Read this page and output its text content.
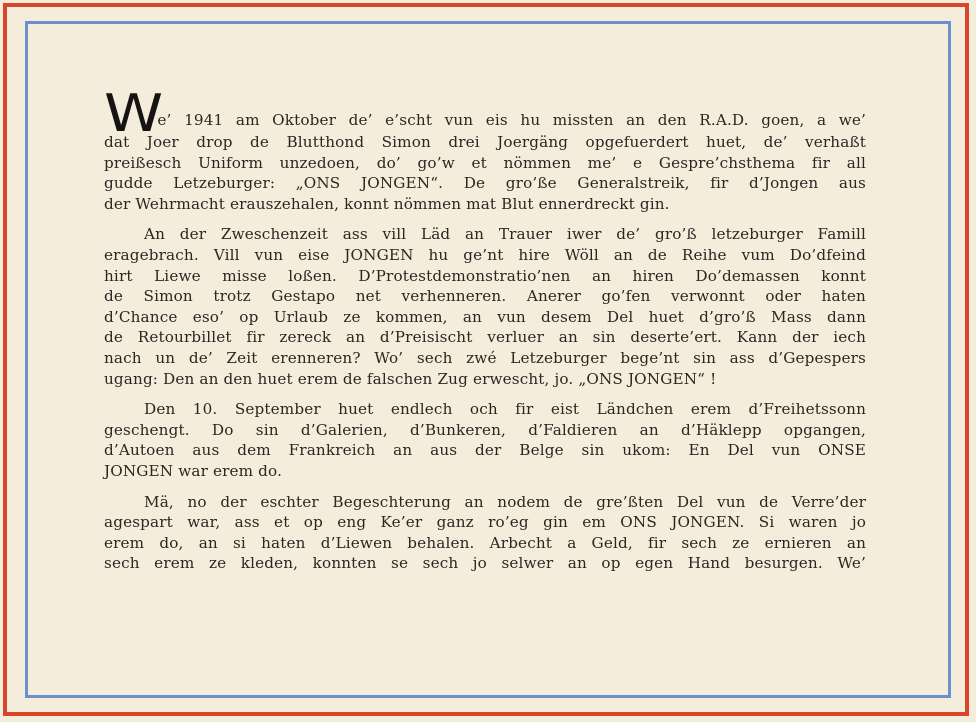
We’ 1941 am Oktober de’ e’scht vun eis hu missten an den R.A.D. goen, a we’
dat Joer drop de Blutthond Simon drei Joergäng opgefuerdert huet, de’ verhaßt
preißesch Uniform unzedoen, do’ go’w et nömmen me’ e Gespre’chsthema fir all
gudde Letzeburger: „ONS JONGEN“. De gro’ße Generalstreik, fir d’Jongen aus
der Wehrmacht erauszehalen, konnt nömmen mat Blut ennerdreckt gin.
An der Zweschenzeit ass vill Läd an Trauer iwer de’ gro’ß letzeburger Famill
eragebrach. Vill vun eise JONGEN hu ge’nt hire Wöll an de Reihe vum Do’dfeind
hirt Liewe misse loßen. D’Protestdemonstratio’nen an hiren Do’demassen konnt
de Simon trotz Gestapo net verhenneren. Anerer go’fen verwonnt oder haten
d’Chance eso’ op Urlaub ze kommen, an vun desem Del huet d’gro’ß Mass dann
de Retourbillet fir zereck an d’Preisischt verluer an sin deserte’ert. Kann der iech
nach un de’ Zeit erenneren? Wo’ sech zwé Letzeburger bege’nt sin ass d’Gepespers
ugang: Den an den huet erem de falschen Zug erwescht, jo. „ONS JONGEN“ !
Den 10. September huet endlech och fir eist Ländchen erem d’Freihetssonn
geschengt. Do sin d’Galerien, d’Bunkeren, d’Faldieren an d’Häklepp opgangen,
d’Autoen aus dem Frankreich an aus der Belge sin ukom: En Del vun ONSE
JONGEN war erem do.
Mä, no der eschter Begeschterung an nodem de gre’ßten Del vun de Verre’der
agespart war, ass et op eng Ke’er ganz ro’eg gin em ONS JONGEN. Si waren jo
erem do, an si haten d’Liewen behalen. Arbecht a Geld, fir sech ze ernieren an
sech erem ze kleden, konnten se sech jo selwer an op egen Hand besurgen. We’
